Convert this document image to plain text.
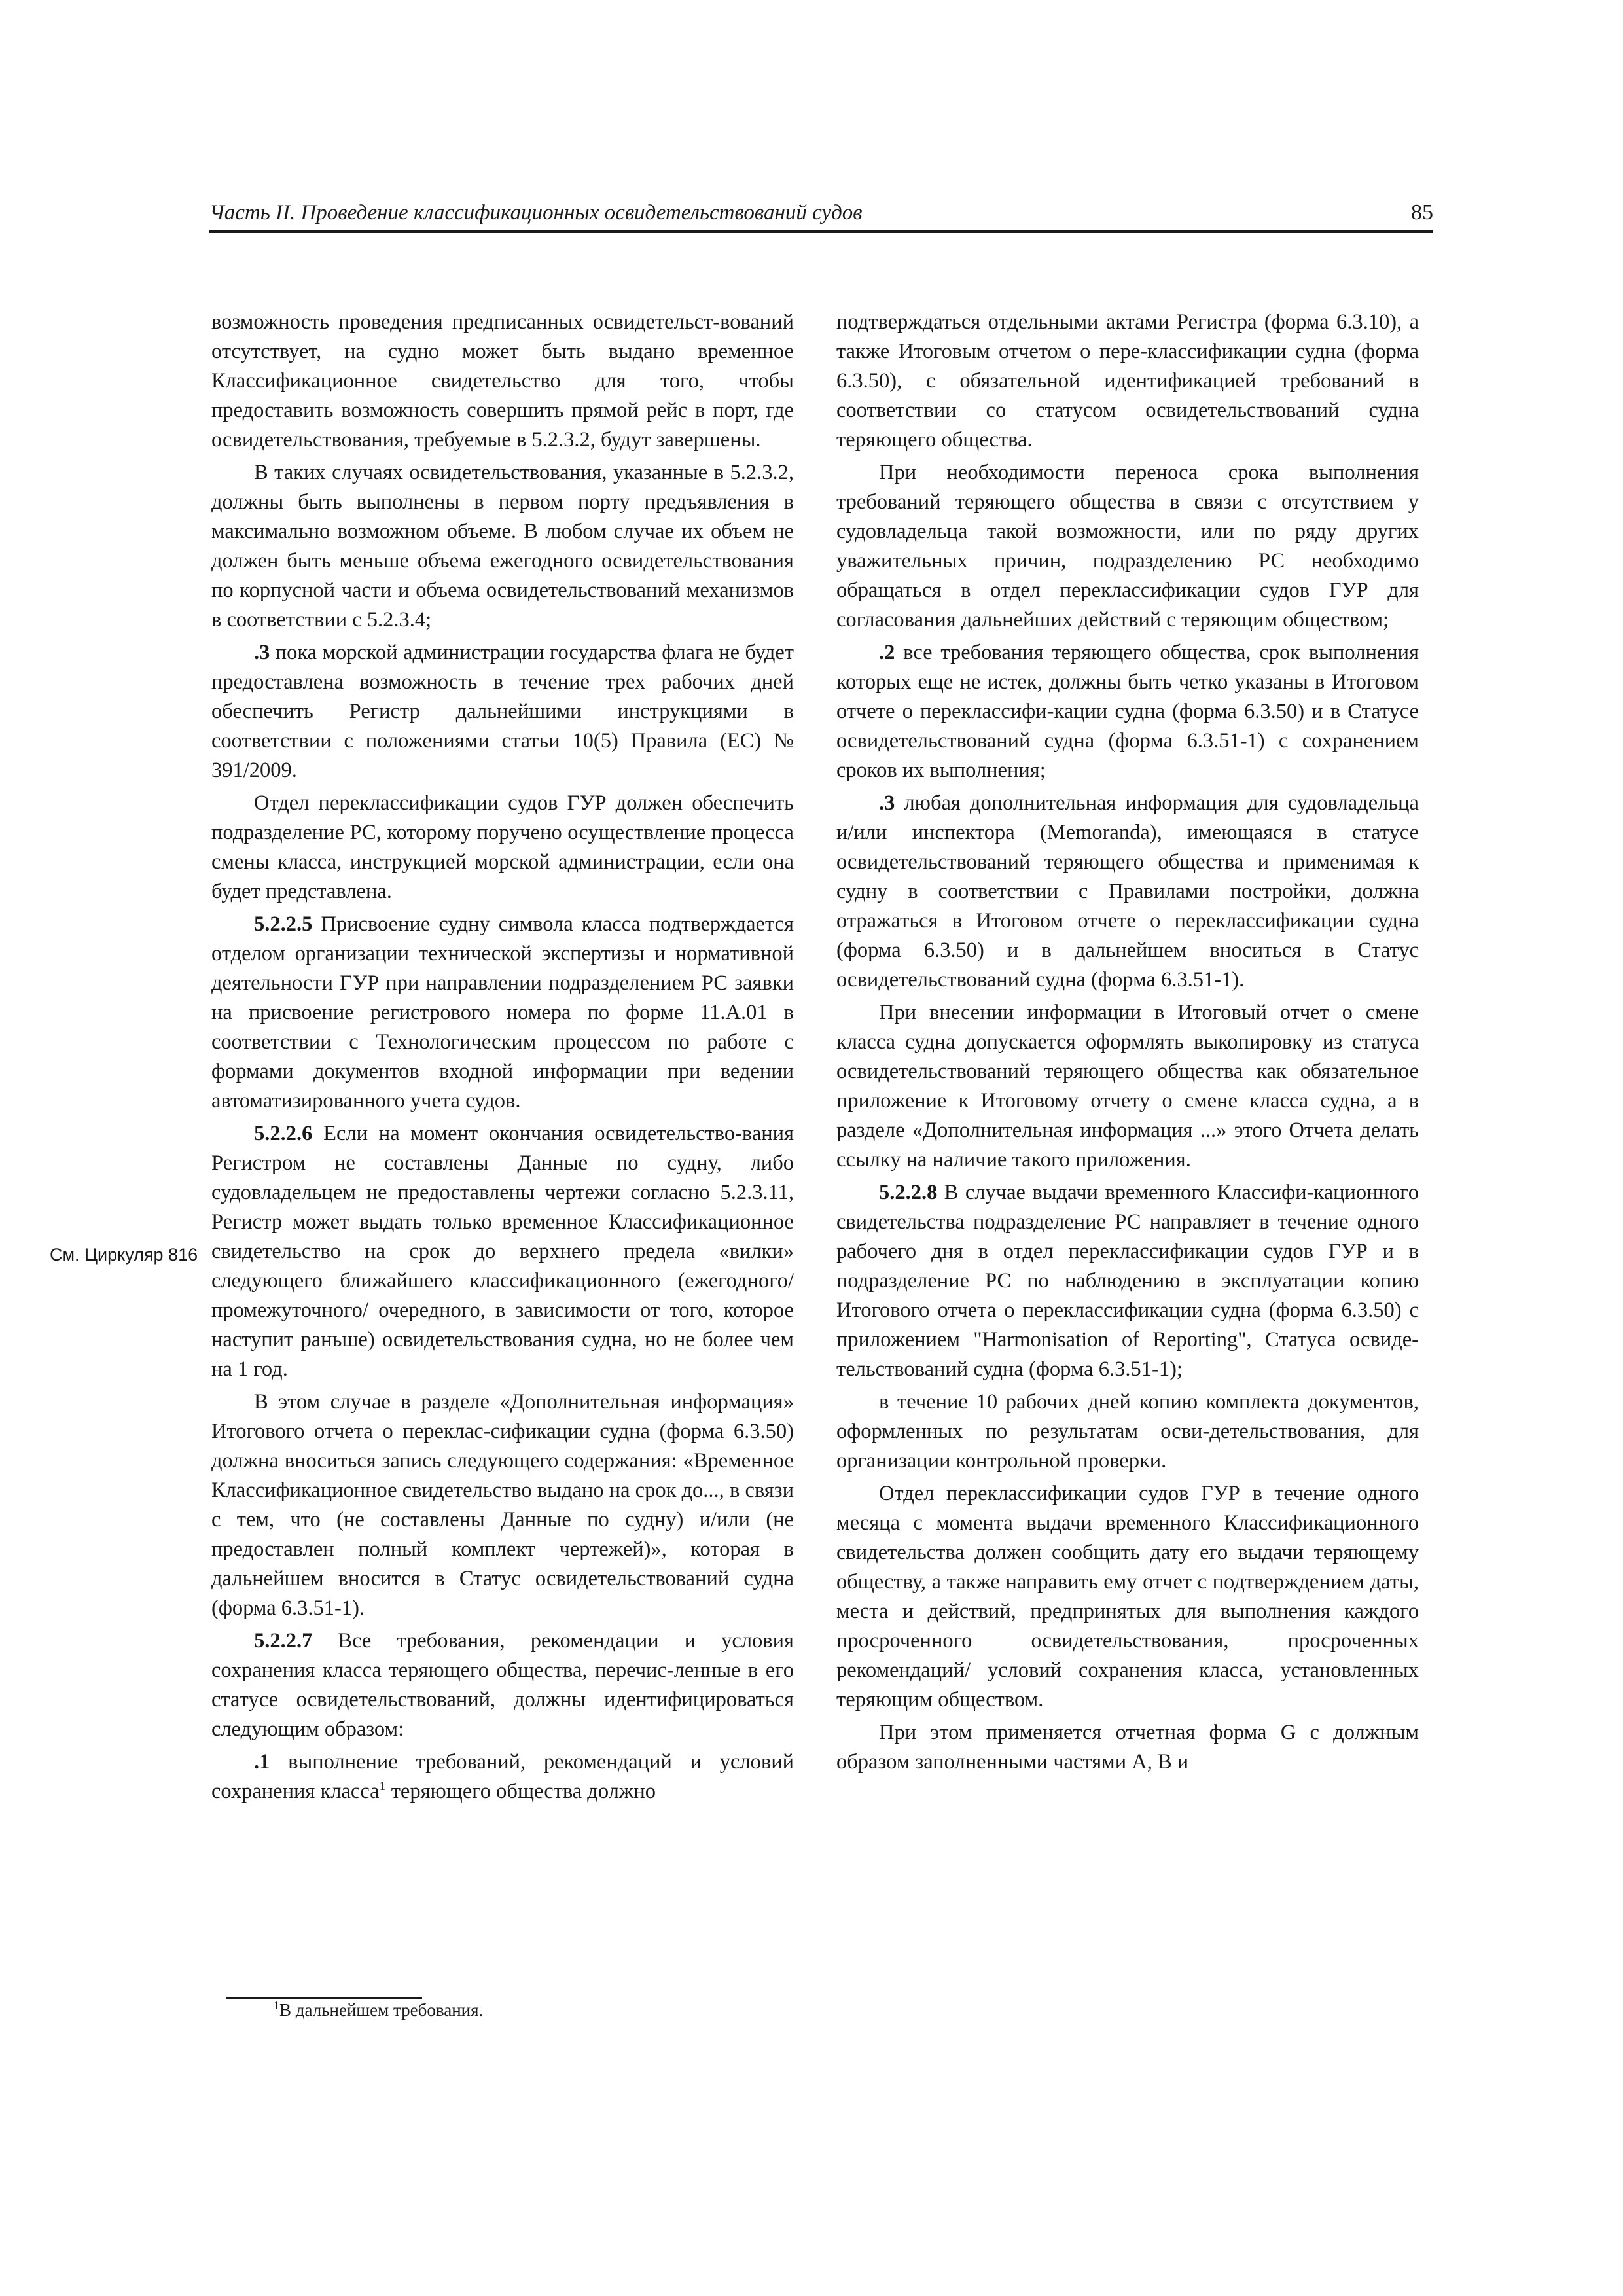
Часть II. Проведение классификационных освидетельствований судов	85

возможность проведения предписанных освидетельст-вований отсутствует, на судно может быть выдано временное Классификационное свидетельство для того, чтобы предоставить возможность совершить прямой рейс в порт, где освидетельствования, требуемые в 5.2.3.2, будут завершены.

В таких случаях освидетельствования, указанные в 5.2.3.2, должны быть выполнены в первом порту предъявления в максимально возможном объеме. В любом случае их объем не должен быть меньше объема ежегодного освидетельствования по корпусной части и объема освидетельствований механизмов в соответствии с 5.2.3.4;

.3 пока морской администрации государства флага не будет предоставлена возможность в течение трех рабочих дней обеспечить Регистр дальнейшими инструкциями в соответствии с положениями статьи 10(5) Правила (ЕС) № 391/2009.

Отдел переклассификации судов ГУР должен обеспечить подразделение РС, которому поручено осуществление процесса смены класса, инструкцией морской администрации, если она будет представлена.

5.2.2.5 Присвоение судну символа класса подтверждается отделом организации технической экспертизы и нормативной деятельности ГУР при направлении подразделением РС заявки на присвоение регистрового номера по форме 11.А.01 в соответствии с Технологическим процессом по работе с формами документов входной информации при ведении автоматизированного учета судов.

5.2.2.6 Если на момент окончания освидетельство-вания Регистром не составлены Данные по судну, либо судовладельцем не предоставлены чертежи согласно 5.2.3.11, Регистр может выдать только временное Классификационное свидетельство на срок до верхнего предела «вилки» следующего ближайшего классификационного (ежегодного/промежуточного/ очередного, в зависимости от того, которое наступит раньше) освидетельствования судна, но не более чем на 1 год.

В этом случае в разделе «Дополнительная информация» Итогового отчета о переклас-сификации судна (форма 6.3.50) должна вноситься запись следующего содержания: «Временное Классификационное свидетельство выдано на срок до..., в связи с тем, что (не составлены Данные по судну) и/или (не предоставлен полный комплект чертежей)», которая в дальнейшем вносится в Статус освидетельствований судна (форма 6.3.51-1).

5.2.2.7 Все требования, рекомендации и условия сохранения класса теряющего общества, перечис-ленные в его статусе освидетельствований, должны идентифицироваться следующим образом:

.1 выполнение требований, рекомендаций и условий сохранения класса$^1$ теряющего общества должно

подтверждаться отдельными актами Регистра (форма 6.3.10), а также Итоговым отчетом о пере-классификации судна (форма 6.3.50), с обязательной идентификацией требований в соответствии со статусом освидетельствований судна теряющего общества.

При необходимости переноса срока выполнения требований теряющего общества в связи с отсутствием у судовладельца такой возможности, или по ряду других уважительных причин, подразделению РС необходимо обращаться в отдел переклассификации судов ГУР для согласования дальнейших действий с теряющим обществом;

.2 все требования теряющего общества, срок выполнения которых еще не истек, должны быть четко указаны в Итоговом отчете о переклассифи-кации судна (форма 6.3.50) и в Статусе освидетельствований судна (форма 6.3.51-1) с сохранением сроков их выполнения;

.3 любая дополнительная информация для судовладельца и/или инспектора (Memoranda), имеющаяся в статусе освидетельствований теряющего общества и применимая к судну в соответствии с Правилами постройки, должна отражаться в Итоговом отчете о переклассификации судна (форма 6.3.50) и в дальнейшем вноситься в Статус освидетельствований судна (форма 6.3.51-1).

При внесении информации в Итоговый отчет о смене класса судна допускается оформлять выкопировку из статуса освидетельствований теряющего общества как обязательное приложение к Итоговому отчету о смене класса судна, а в разделе «Дополнительная информация ...» этого Отчета делать ссылку на наличие такого приложения.

5.2.2.8 В случае выдачи временного Классифи-кационного свидетельства подразделение РС направляет в течение одного рабочего дня в отдел переклассификации судов ГУР и в подразделение РС по наблюдению в эксплуатации копию Итогового отчета о переклассификации судна (форма 6.3.50) с приложением "Harmonisation of Reporting", Статуса освиде-тельствований судна (форма 6.3.51-1);

в течение 10 рабочих дней копию комплекта документов, оформленных по результатам осви-детельствования, для организации контрольной проверки.

Отдел переклассификации судов ГУР в течение одного месяца с момента выдачи временного Классификационного свидетельства должен сообщить дату его выдачи теряющему обществу, а также направить ему отчет с подтверждением даты, места и действий, предпринятых для выполнения каждого просроченного освидетельствования, просроченных рекомендаций/ условий сохранения класса, установленных теряющим обществом.

При этом применяется отчетная форма G с должным образом заполненными частями A, B и

См. Циркуляр 816
$^1$В дальнейшем требования.
